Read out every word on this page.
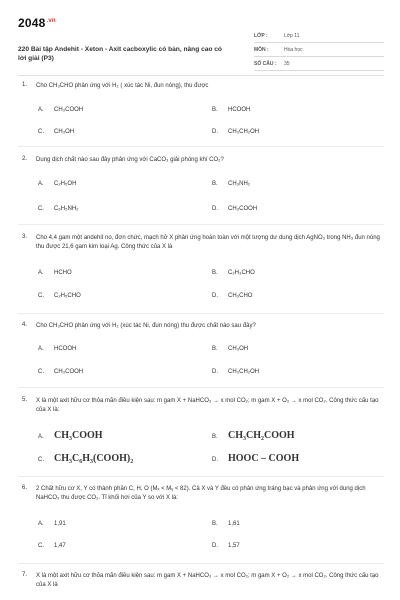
$2048^{.vn}$
220 Bài tập Andehit - Xeton - Axit cacboxylic có bản, nâng cao có lời giải (P3)
LỚP :	Lớp 11
MÔN :	Hóa học
SỐ CÂU :	35
1. Cho CH₃CHO phản ứng với H₂ ( xúc tác Ni, đun nóng), thu được
A. CH₃COOH	B. HCOOH
C. CH₃OH	D. CH₃CH₂OH
2. Dung dịch chất nào sau đây phản ứng với CaCO₃ giải phóng khí CO₂?
A. C₂H₅OH	B. CH₃NH₂
C. C₆H₅NH₂	D. CH₃COOH
3. Cho 4,4 gam một andehit no, đơn chức, mạch hở X phản ứng hoàn toàn với một lượng dư dung dịch AgNO₃ trong NH₃ đun nóng thu được 21,6 gam kim loại Ag. Công thức của X là
A. HCHO	B. C₂H₃CHO
C. C₂H₅CHO	D. CH₃CHO
4. Cho CH₃CHO phản ứng với H₂ (xúc tác Ni, đun nóng) thu được chất nào sau đây?
A. HCOOH	B. CH₃OH
C. CH₃COOH	D. CH₃CH₂OH
5. X là một axit hữu cơ thỏa mãn điều kiện sau: m gam X + NaHCO₃ → x mol CO₂; m gam X + O₂ → x mol CO₂. Công thức cấu tạo của X là:
A. CH₃COOH	B. CH₃CH₂COOH
C. CH₃C₆H₃(COOH)₂	D. HOOC – COOH
6. 2 Chất hữu cơ X, Y có thành phần C, H, O (Mₓ < Mᵧ < 82). Cả X và Y đều có phản ứng tráng bạc và phản ứng với dung dịch NaHCO₃ thu được CO₂. Tỉ khối hơi của Y so với X là:
A. 1,91	B. 1,61
C. 1,47	D. 1,57
7. X là một axit hữu cơ thỏa mãn điều kiện sau: m gam X + NaHCO₃ → x mol CO₂; m gam X + O₂ → x mol CO₂. Công thức cấu tạo của X là
